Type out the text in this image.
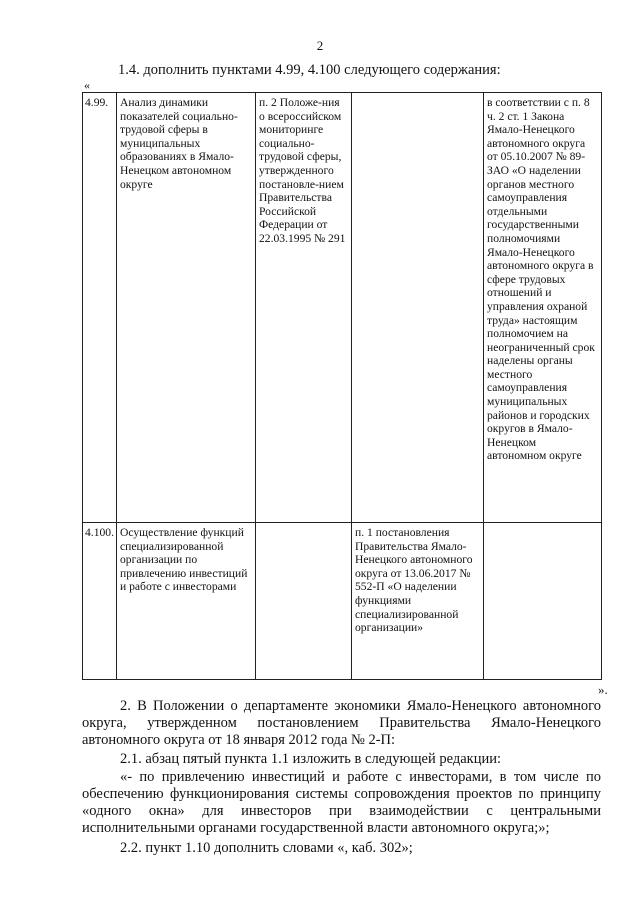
2
1.4. дополнить пунктами 4.99, 4.100 следующего содержания:
«
4.99.	Анализ динамики показателей социально-трудовой сферы в муниципальных образованиях в Ямало-Ненецком автономном округе	п. 2 Положе-ния о всероссийском мониторинге социально-трудовой сферы, утвержденного постановле-нием Правительства Российской Федерации от 22.03.1995 № 291		в соответствии с п. 8 ч. 2 ст. 1 Закона Ямало-Ненецкого автономного округа от 05.10.2007 № 89-ЗАО «О наделении органов местного самоуправления отдельными государственными полномочиями Ямало-Ненецкого автономного округа в сфере трудовых отношений и управления охраной труда» настоящим полномочием на неограниченный срок наделены органы местного самоуправления муниципальных районов и городских округов в Ямало-Ненецком автономном округе
4.100.	Осуществление функций специализированной организации по привлечению инвестиций и работе с инвесторами		п. 1 постановления Правительства Ямало-Ненецкого автономного округа от 13.06.2017 № 552-П «О наделении функциями специализированной организации»	
».
2. В Положении о департаменте экономики Ямало-Ненецкого автономного округа, утвержденном постановлением Правительства Ямало-Ненецкого автономного округа от 18 января 2012 года № 2-П:
2.1. абзац пятый пункта 1.1 изложить в следующей редакции:
«- по привлечению инвестиций и работе с инвесторами, в том числе по обеспечению функционирования системы сопровождения проектов по принципу «одного окна» для инвесторов при взаимодействии с центральными исполнительными органами государственной власти автономного округа;»;
2.2. пункт 1.10 дополнить словами «, каб. 302»;
